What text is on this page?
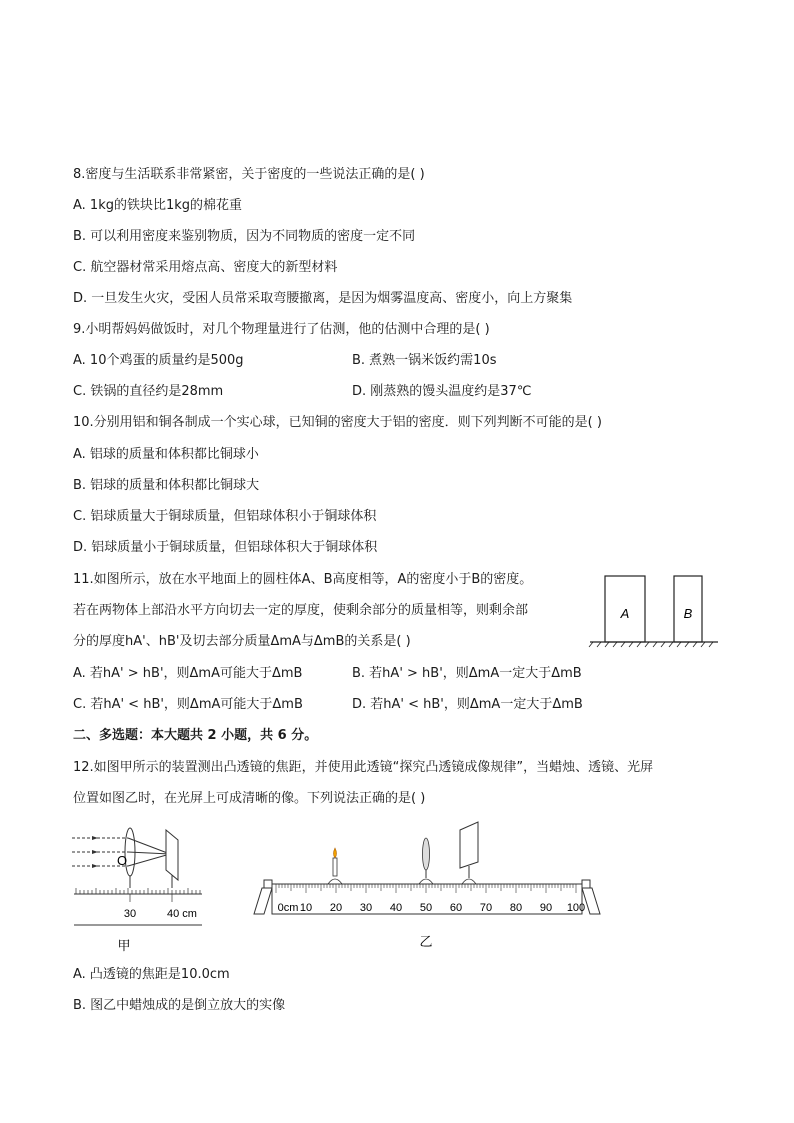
8.密度与生活联系非常紧密，关于密度的一些说法正确的是( )
A. 1kg的铁块比1kg的棉花重
B. 可以利用密度来鉴别物质，因为不同物质的密度一定不同
C. 航空器材常采用熔点高、密度大的新型材料
D. 一旦发生火灾，受困人员常采取弯腰撤离，是因为烟雾温度高、密度小，向上方聚集
9.小明帮妈妈做饭时，对几个物理量进行了估测，他的估测中合理的是( )
A. 10个鸡蛋的质量约是500g	B. 煮熟一锅米饭约需10s
C. 铁锅的直径约是28mm	D. 刚蒸熟的馒头温度约是37℃
10.分别用铝和铜各制成一个实心球，已知铜的密度大于铝的密度．则下列判断不可能的是( )
A. 铝球的质量和体积都比铜球小
B. 铝球的质量和体积都比铜球大
C. 铝球质量大于铜球质量，但铝球体积小于铜球体积
D. 铝球质量小于铜球质量，但铝球体积大于铜球体积
11.如图所示，放在水平地面上的圆柱体A、B高度相等，A的密度小于B的密度。
若在两物体上部沿水平方向切去一定的厚度，使剩余部分的质量相等，则剩余部
分的厚度hA'、hB'及切去部分质量ΔmA与ΔmB的关系是( )
A	B
A. 若hA' > hB'，则ΔmA可能大于ΔmB	B. 若hA' > hB'，则ΔmA一定大于ΔmB
C. 若hA' < hB'，则ΔmA可能大于ΔmB	D. 若hA' < hB'，则ΔmA一定大于ΔmB
二、多选题：本大题共 2 小题，共 6 分。
12.如图甲所示的装置测出凸透镜的焦距，并使用此透镜“探究凸透镜成像规律”，当蜡烛、透镜、光屏
位置如图乙时，在光屏上可成清晰的像。下列说法正确的是( )
O
30	40 cm
甲
0cm 10 20 30 40 50 60 70 80 90 100
乙
A. 凸透镜的焦距是10.0cm
B. 图乙中蜡烛成的是倒立放大的实像
